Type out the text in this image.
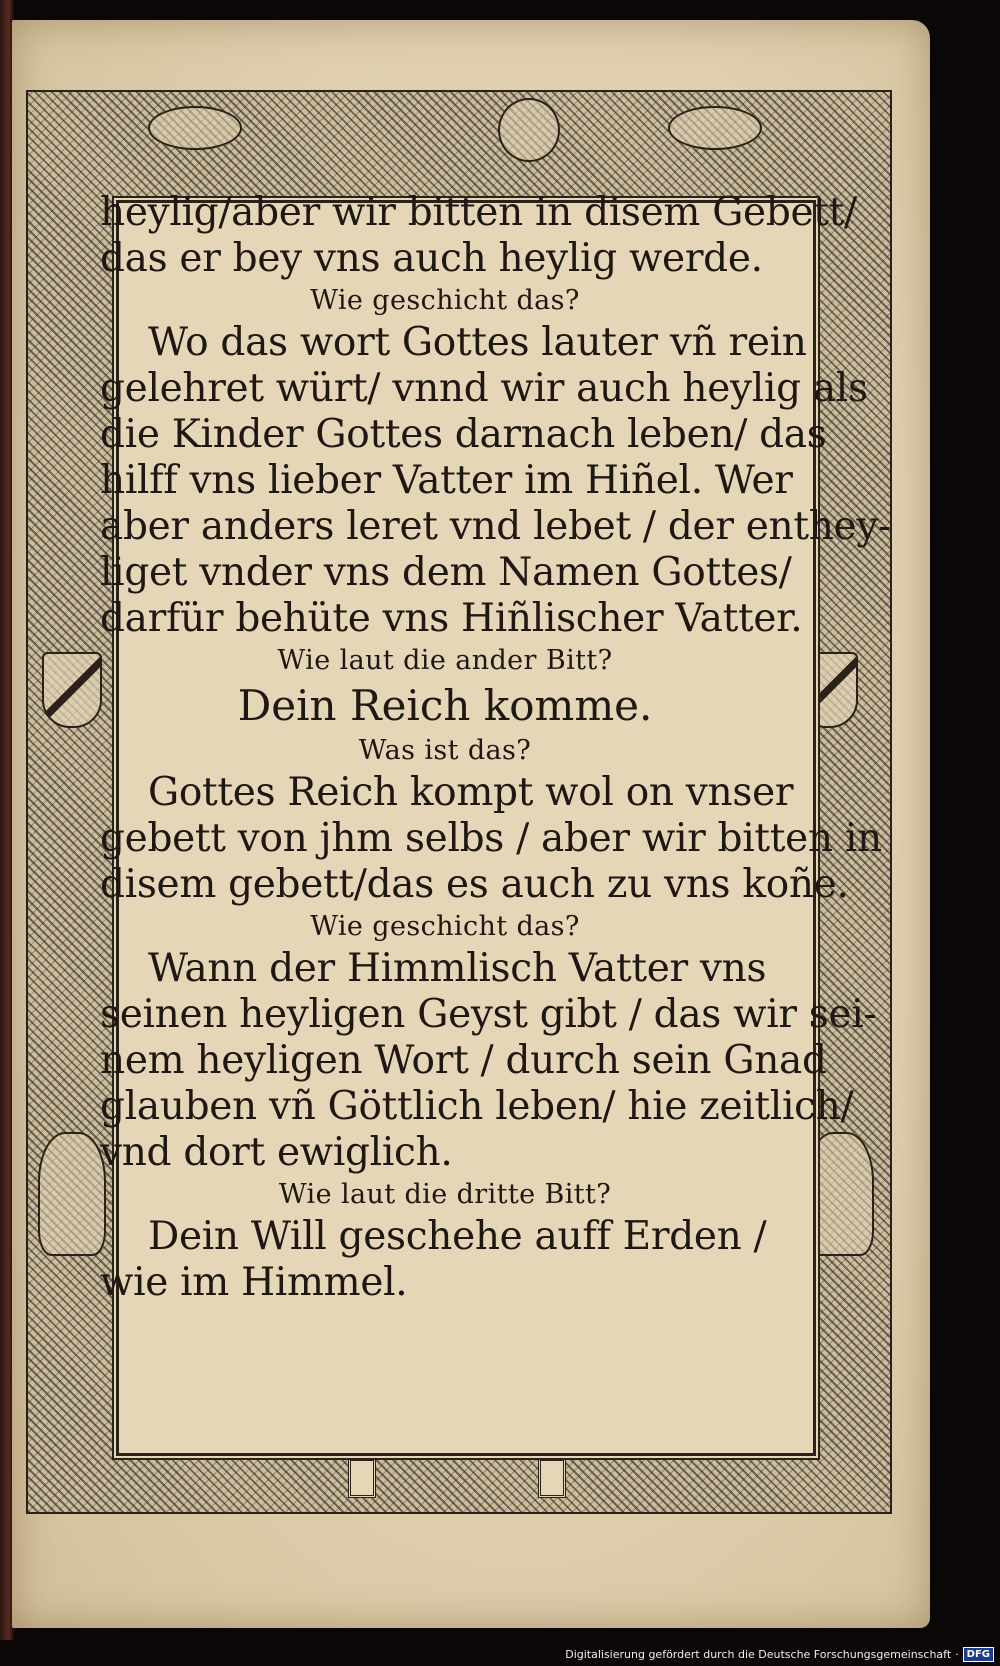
heylig/aber wir bitten in disem Gebett/
das er bey vns auch heylig werde.
Wie geschicht das?
Wo das wort Gottes lauter vñ rein
gelehret würt/ vnnd wir auch heylig als
die Kinder Gottes darnach leben/ das
hilff vns lieber Vatter im Hiñel. Wer
aber anders leret vnd lebet / der enthey-
liget vnder vns dem Namen Gottes/
darfür behüte vns Hiñlischer Vatter.
Wie laut die ander Bitt?
Dein Reich komme.
Was ist das?
Gottes Reich kompt wol on vnser
gebett von jhm selbs / aber wir bitten in
disem gebett/das es auch zu vns koñe.
Wie geschicht das?
Wann der Himmlisch Vatter vns
seinen heyligen Geyst gibt / das wir sei-
nem heyligen Wort / durch sein Gnad
glauben vñ Göttlich leben/ hie zeitlich/
vnd dort ewiglich.
Wie laut die dritte Bitt?
Dein Will geschehe auff Erden /
wie im Himmel.
Digitalisierung gefördert durch die Deutsche Forschungsgemeinschaft · DFG
